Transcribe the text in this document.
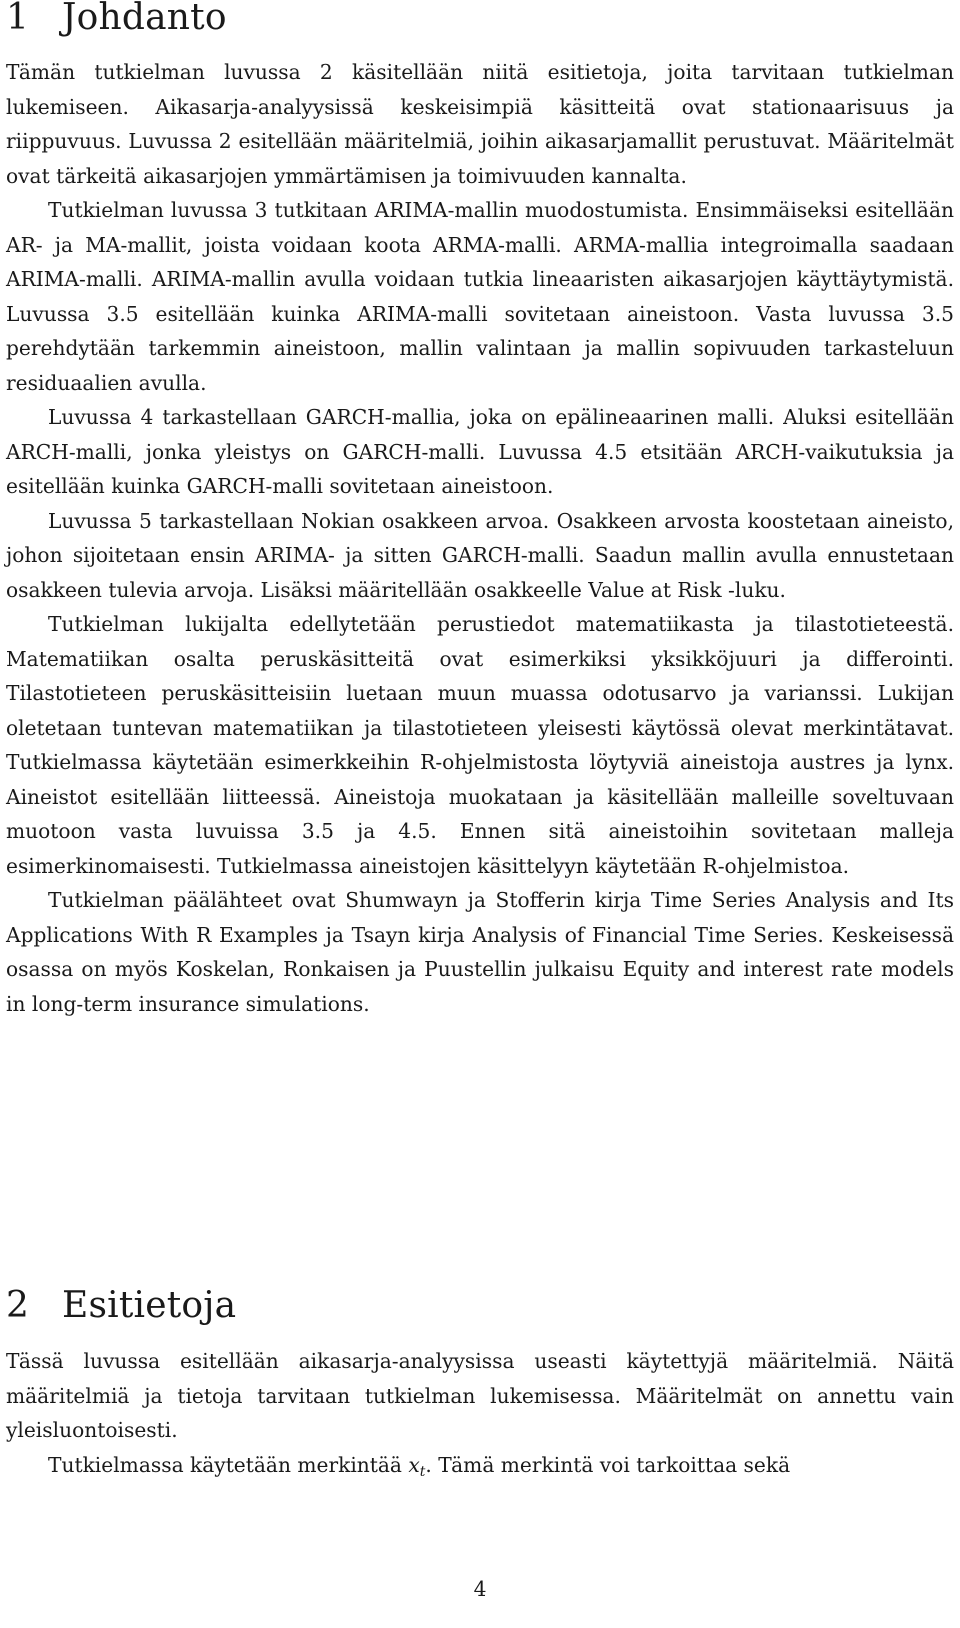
1 Johdanto

Tämän tutkielman luvussa 2 käsitellään niitä esitietoja, joita tarvitaan tutkielman lukemiseen. Aikasarja-analyysissä keskeisimpiä käsitteitä ovat stationaarisuus ja riippuvuus. Luvussa 2 esitellään määritelmiä, joihin aikasarjamallit perustuvat. Määritelmät ovat tärkeitä aikasarjojen ymmärtämisen ja toimivuuden kannalta.

Tutkielman luvussa 3 tutkitaan ARIMA-mallin muodostumista. Ensimmäiseksi esitellään AR- ja MA-mallit, joista voidaan koota ARMA-malli. ARMA-mallia integroimalla saadaan ARIMA-malli. ARIMA-mallin avulla voidaan tutkia lineaaristen aikasarjojen käyttäytymistä. Luvussa 3.5 esitellään kuinka ARIMA-malli sovitetaan aineistoon. Vasta luvussa 3.5 perehdytään tarkemmin aineistoon, mallin valintaan ja mallin sopivuuden tarkasteluun residuaalien avulla.

Luvussa 4 tarkastellaan GARCH-mallia, joka on epälineaarinen malli. Aluksi esitellään ARCH-malli, jonka yleistys on GARCH-malli. Luvussa 4.5 etsitään ARCH-vaikutuksia ja esitellään kuinka GARCH-malli sovitetaan aineistoon.

Luvussa 5 tarkastellaan Nokian osakkeen arvoa. Osakkeen arvosta koostetaan aineisto, johon sijoitetaan ensin ARIMA- ja sitten GARCH-malli. Saadun mallin avulla ennustetaan osakkeen tulevia arvoja. Lisäksi määritellään osakkeelle Value at Risk -luku.

Tutkielman lukijalta edellytetään perustiedot matematiikasta ja tilastotieteestä. Matematiikan osalta peruskäsitteitä ovat esimerkiksi yksikköjuuri ja differointi. Tilastotieteen peruskäsitteisiin luetaan muun muassa odotusarvo ja varianssi. Lukijan oletetaan tuntevan matematiikan ja tilastotieteen yleisesti käytössä olevat merkintätavat. Tutkielmassa käytetään esimerkkeihin R-ohjelmistosta löytyviä aineistoja austres ja lynx. Aineistot esitellään liitteessä. Aineistoja muokataan ja käsitellään malleille soveltuvaan muotoon vasta luvuissa 3.5 ja 4.5. Ennen sitä aineistoihin sovitetaan malleja esimerkinomaisesti. Tutkielmassa aineistojen käsittelyyn käytetään R-ohjelmistoa.

Tutkielman päälähteet ovat Shumwayn ja Stofferin kirja Time Series Analysis and Its Applications With R Examples ja Tsayn kirja Analysis of Financial Time Series. Keskeisessä osassa on myös Koskelan, Ronkaisen ja Puustellin julkaisu Equity and interest rate models in long-term insurance simulations.

2 Esitietoja

Tässä luvussa esitellään aikasarja-analyysissa useasti käytettyjä määritelmiä. Näitä määritelmiä ja tietoja tarvitaan tutkielman lukemisessa. Määritelmät on annettu vain yleisluontoisesti.

Tutkielmassa käytetään merkintää xt. Tämä merkintä voi tarkoittaa sekä

4
